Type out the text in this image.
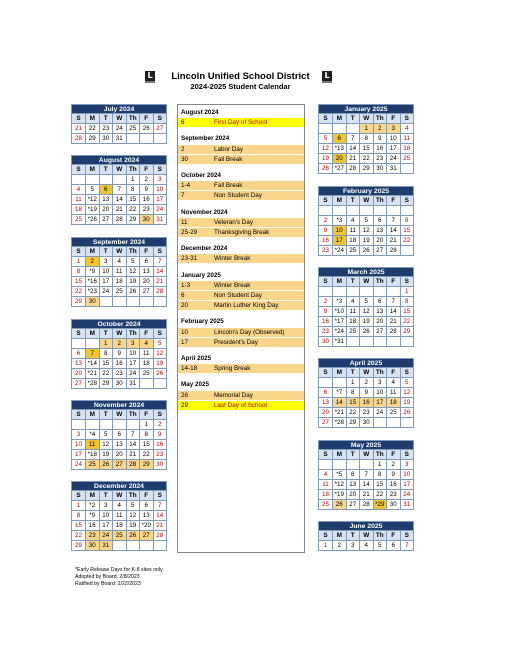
L	L
Lincoln Unified School District
2024-2025 Student Calendar
July 2024
S	M	T	W	Th	F	S
21	22	23	24	25	26	27
28	29	30	31			
August 2024
S	M	T	W	Th	F	S
				1	2	3
4	5	6	7	8	9	10
11	*12	13	14	15	16	17
18	*19	20	21	22	23	24
25	*26	27	28	29	30	31
September 2024
S	M	T	W	Th	F	S
1	2	3	4	5	6	7
8	*9	10	11	12	13	14
15	*16	17	18	19	20	21
22	*23	24	25	26	27	28
29	30					
October 2024
S	M	T	W	Th	F	S
		1	2	3	4	5
6	7	8	9	10	11	12
13	*14	15	16	17	18	19
20	*21	22	23	24	25	26
27	*28	29	30	31		
November 2024
S	M	T	W	Th	F	S
					1	2
3	*4	5	6	7	8	9
10	11	12	13	14	15	16
17	*18	19	20	21	22	23
24	25	26	27	28	29	30
December 2024
S	M	T	W	Th	F	S
1	*2	3	4	5	6	7
8	*9	10	11	12	13	14
15	16	17	18	19	*20	21
22	23	24	25	26	27	28
29	30	31				
January 2025
S	M	T	W	Th	F	S
			1	2	3	4
5	6	7	8	9	10	11
12	*13	14	15	16	17	18
19	20	21	22	23	24	25
26	*27	28	29	30	31	
February 2025
S	M	T	W	Th	F	S

2	*3	4	5	6	7	8
9	10	11	12	13	14	15
16	17	18	19	20	21	22
23	*24	25	26	27	28	
March 2025
S	M	T	W	Th	F	S
						1
2	*3	4	5	6	7	8
9	*10	11	12	13	14	15
16	*17	18	19	20	21	22
23	*24	25	26	27	28	29
30	*31					
April 2025
S	M	T	W	Th	F	S
		1	2	3	4	5
6	*7	8	9	10	11	12
13	14	15	16	17	18	19
20	*21	22	23	24	25	26
27	*28	29	30			
May 2025
S	M	T	W	Th	F	S
				1	2	3
4	*5	6	7	8	9	10
11	*12	13	14	15	16	17
18	*19	20	21	22	23	24
25	26	27	28	*29	30	31
June 2025
S	M	T	W	Th	F	S
1	2	3	4	5	6	7
August 2024
6	First Day of School
September 2024
2	Labor Day
30	Fall Break
October 2024
1-4	Fall Break
7	Non Student Day
November 2024
11	Veteran's Day
25-29	Thanksgiving Break
December 2024
23-31	Winter Break
January 2025
1-3	Winter Break
6	Non Student Day
20	Martin Luther King Day
February 2025
10	Lincoln's Day (Observed)
17	President's Day
April 2025
14-18	Spring Break
May 2025
26	Memorial Day
29	Last Day of School
*Early Release Days for K-8 sites only
Adopted by Board: 2/8/2023
Ratified by Board: 2/22/2023
